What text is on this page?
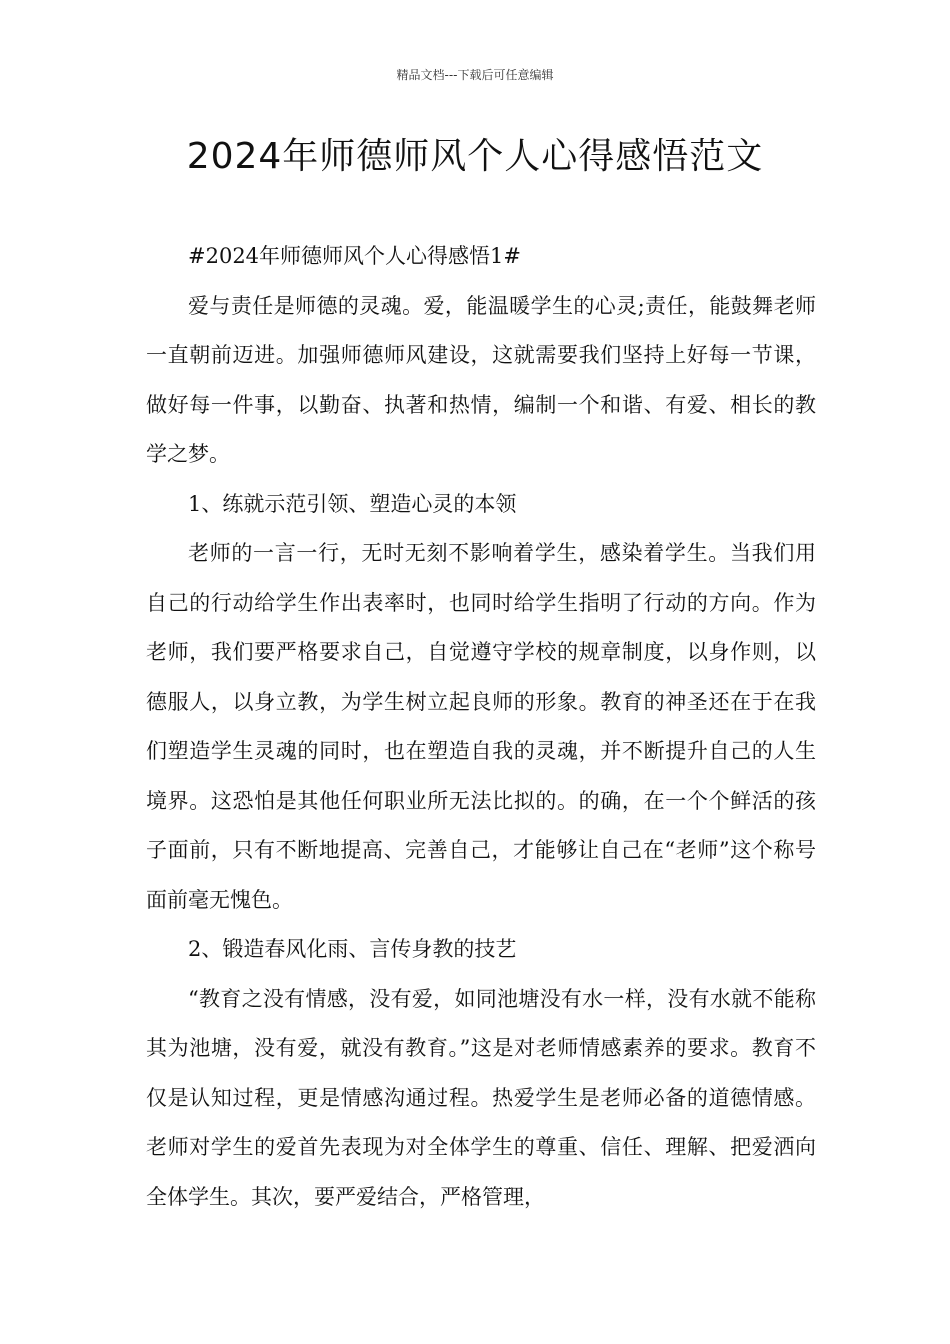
精品文档---下载后可任意编辑
2024年师德师风个人心得感悟范文

#2024年师德师风个人心得感悟1#

爱与责任是师德的灵魂。爱，能温暖学生的心灵;责任，能鼓舞老师一直朝前迈进。加强师德师风建设，这就需要我们坚持上好每一节课，做好每一件事，以勤奋、执著和热情，编制一个和谐、有爱、相长的教学之梦。

1、练就示范引领、塑造心灵的本领

老师的一言一行，无时无刻不影响着学生，感染着学生。当我们用自己的行动给学生作出表率时，也同时给学生指明了行动的方向。作为老师，我们要严格要求自己，自觉遵守学校的规章制度，以身作则，以德服人，以身立教，为学生树立起良师的形象。教育的神圣还在于在我们塑造学生灵魂的同时，也在塑造自我的灵魂，并不断提升自己的人生境界。这恐怕是其他任何职业所无法比拟的。的确，在一个个鲜活的孩子面前，只有不断地提高、完善自己，才能够让自己在“老师”这个称号面前毫无愧色。

2、锻造春风化雨、言传身教的技艺

“教育之没有情感，没有爱，如同池塘没有水一样，没有水就不能称其为池塘，没有爱，就没有教育。”这是对老师情感素养的要求。教育不仅是认知过程，更是情感沟通过程。热爱学生是老师必备的道德情感。老师对学生的爱首先表现为对全体学生的尊重、信任、理解、把爱洒向全体学生。其次，要严爱结合，严格管理，
